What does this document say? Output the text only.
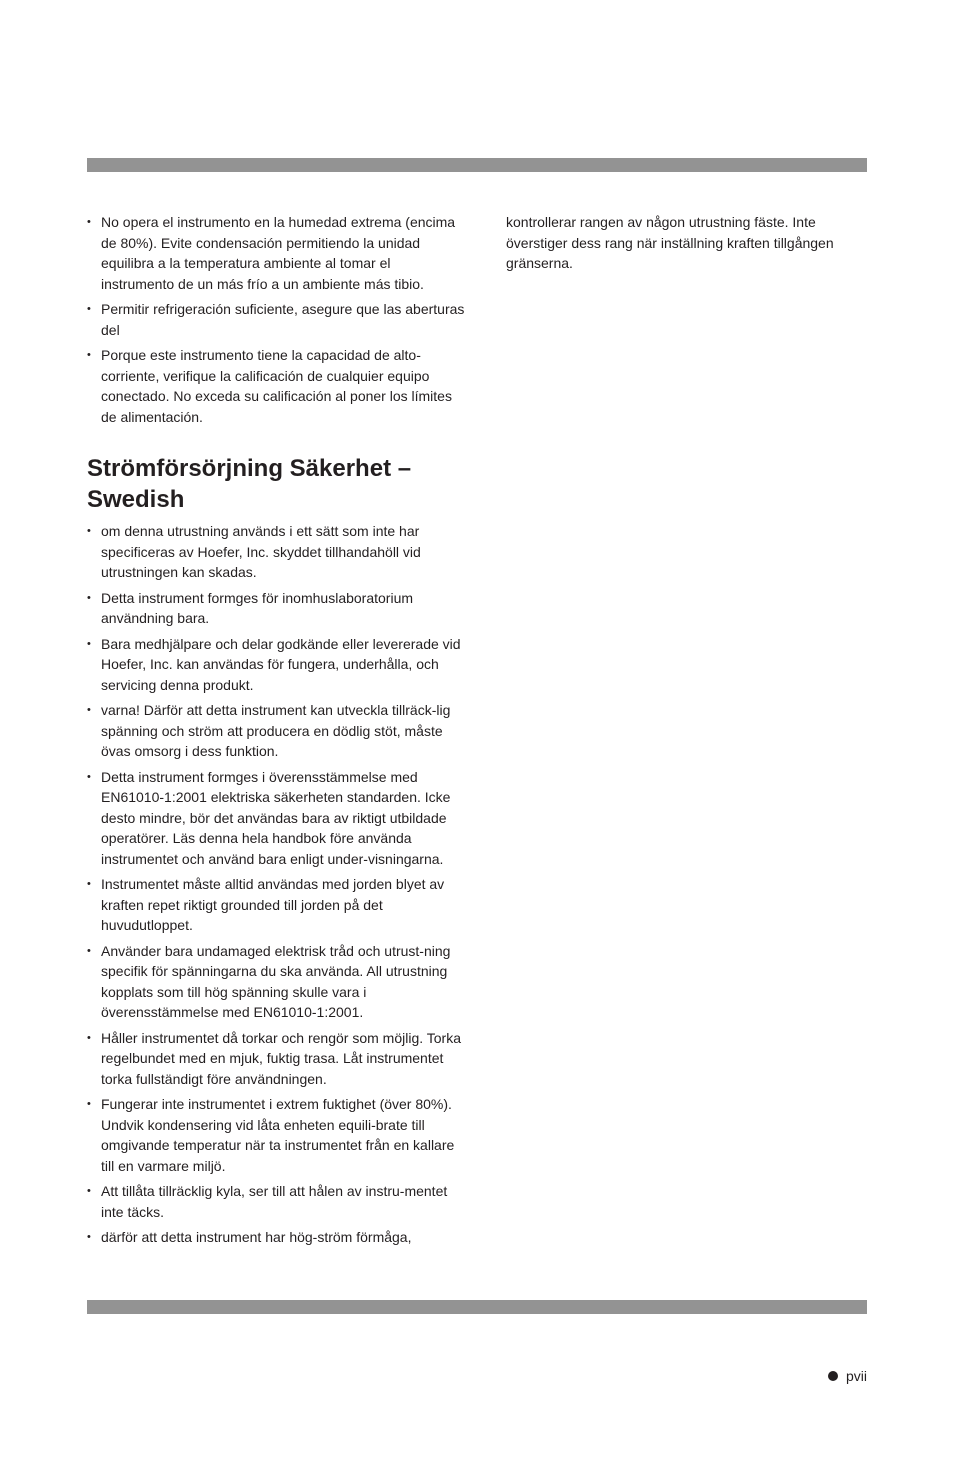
• No opera el instrumento en la humedad extrema (encima de 80%). Evite condensación permitiendo la unidad equilibra a la temperatura ambiente al tomar el instrumento de un más frío a un ambiente más tibio.
• Permitir refrigeración suficiente, asegure que las aberturas del
• Porque este instrumento tiene la capacidad de alto-corriente, verifique la calificación de cualquier equipo conectado. No exceda su calificación al poner los límites de alimentación.
Strömförsörjning Säkerhet – Swedish
• om denna utrustning används i ett sätt som inte har specificeras av Hoefer, Inc. skyddet tillhandahöll vid utrustningen kan skadas.
• Detta instrument formges för inomhuslaboratorium användning bara.
• Bara medhjälpare och delar godkände eller levererade vid Hoefer, Inc. kan användas för fungera, underhålla, och servicing denna produkt.
• varna! Därför att detta instrument kan utveckla tillräck-lig spänning och ström att producera en dödlig stöt, måste övas omsorg i dess funktion.
• Detta instrument formges i överensstämmelse med EN61010-1:2001 elektriska säkerheten standarden. Icke desto mindre, bör det användas bara av riktigt utbildade operatörer. Läs denna hela handbok före använda instrumentet och använd bara enligt under-visningarna.
• Instrumentet måste alltid användas med jorden blyet av kraften repet riktigt grounded till jorden på det huvudutloppet.
• Använder bara undamaged elektrisk tråd och utrust-ning specifik för spänningarna du ska använda. All utrustning kopplats som till hög spänning skulle vara i överensstämmelse med EN61010-1:2001.
• Håller instrumentet då torkar och rengör som möjlig. Torka regelbundet med en mjuk, fuktig trasa. Låt instrumentet torka fullständigt före användningen.
• Fungerar inte instrumentet i extrem fuktighet (över 80%). Undvik kondensering vid låta enheten equili-brate till omgivande temperatur när ta instrumentet från en kallare till en varmare miljö.
• Att tillåta tillräcklig kyla, ser till att hålen av instru-mentet inte täcks.
• därför att detta instrument har hög-ström förmåga,

kontrollerar rangen av någon utrustning fäste. Inte överstiger dess rang när inställning kraften tillgången gränserna.

pvii
